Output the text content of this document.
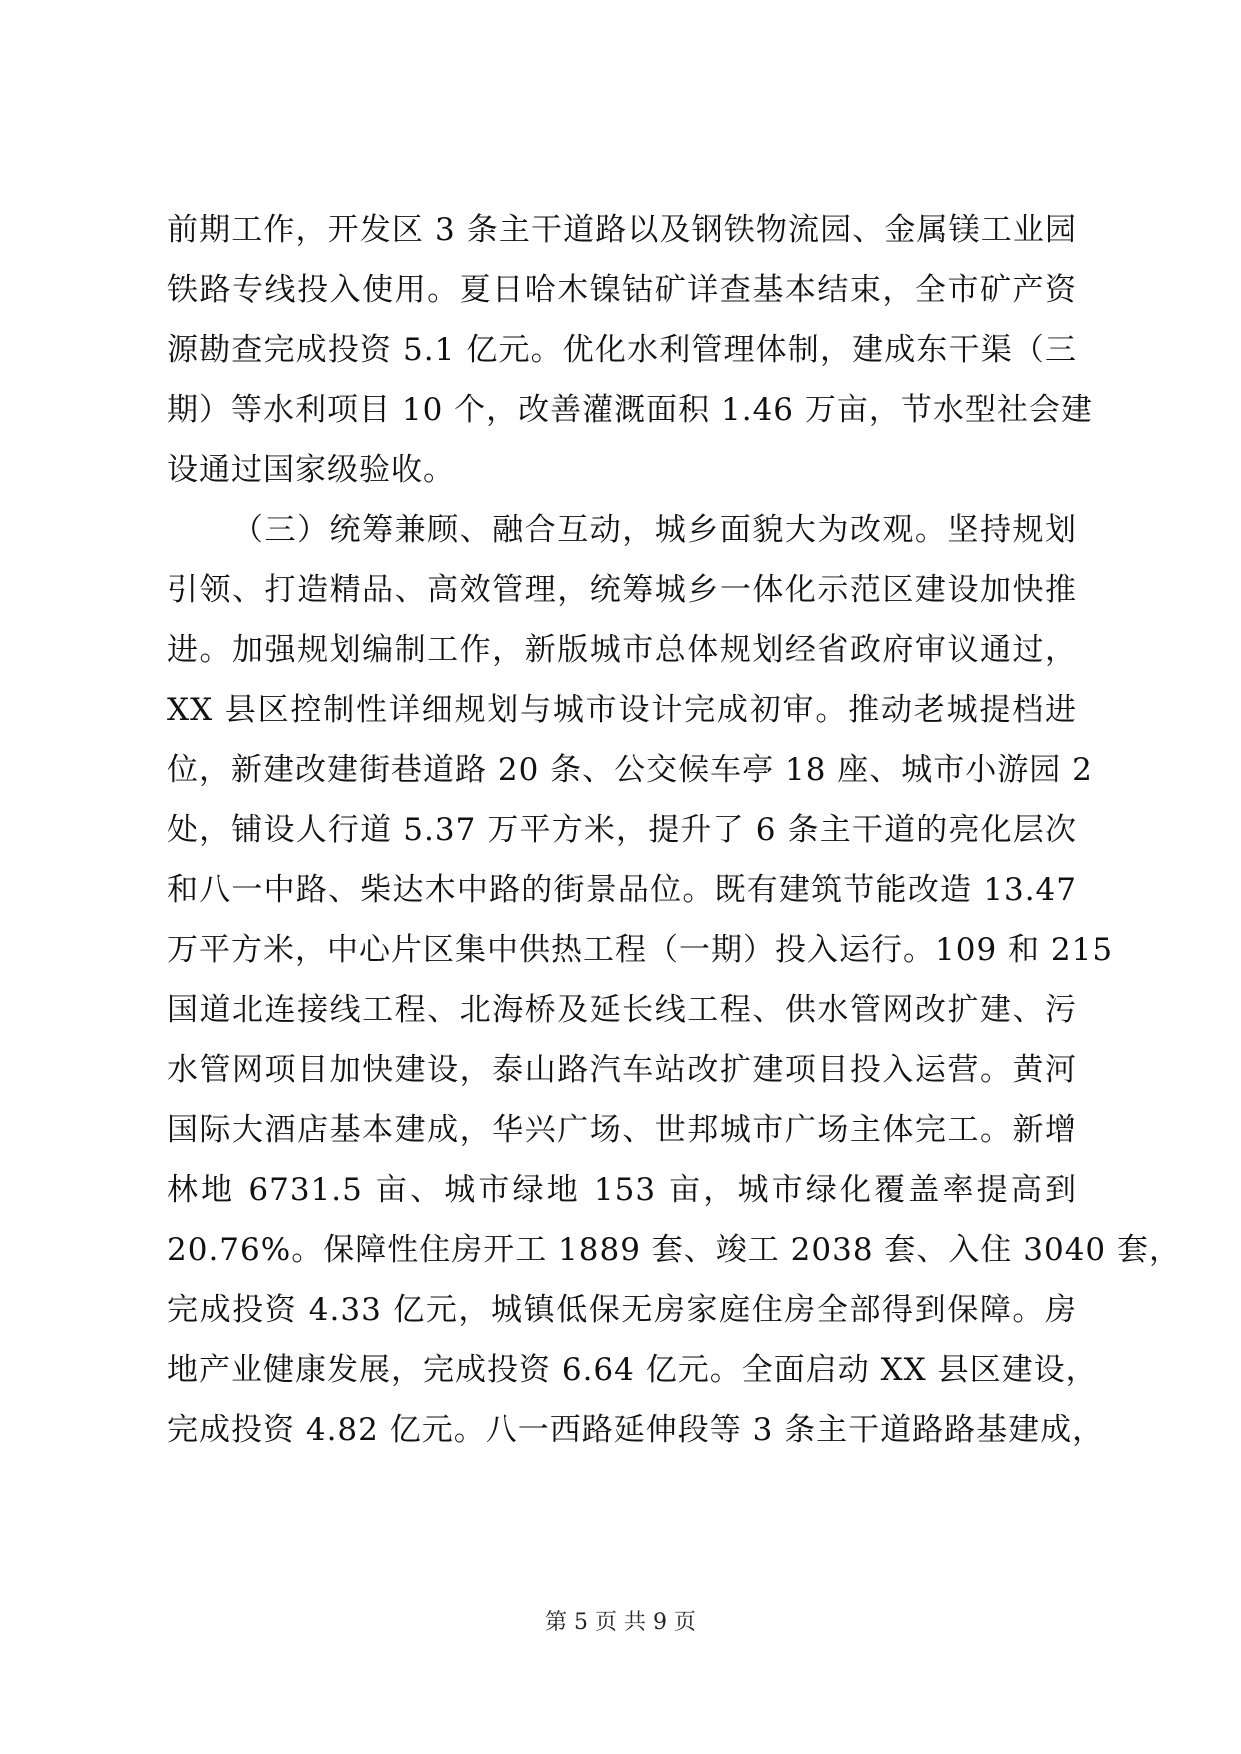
前期工作，开发区 3 条主干道路以及钢铁物流园、金属镁工业园
铁路专线投入使用。夏日哈木镍钴矿详查基本结束，全市矿产资
源勘查完成投资 5.1 亿元。优化水利管理体制，建成东干渠（三
期）等水利项目 10 个，改善灌溉面积 1.46 万亩，节水型社会建
设通过国家级验收。
（三）统筹兼顾、融合互动，城乡面貌大为改观。坚持规划
引领、打造精品、高效管理，统筹城乡一体化示范区建设加快推
进。加强规划编制工作，新版城市总体规划经省政府审议通过，
XX 县区控制性详细规划与城市设计完成初审。推动老城提档进
位，新建改建街巷道路 20 条、公交候车亭 18 座、城市小游园 2
处，铺设人行道 5.37 万平方米，提升了 6 条主干道的亮化层次
和八一中路、柴达木中路的街景品位。既有建筑节能改造 13.47
万平方米，中心片区集中供热工程（一期）投入运行。109 和 215
国道北连接线工程、北海桥及延长线工程、供水管网改扩建、污
水管网项目加快建设，泰山路汽车站改扩建项目投入运营。黄河
国际大酒店基本建成，华兴广场、世邦城市广场主体完工。新增
林地 6731.5 亩、城市绿地 153 亩，城市绿化覆盖率提高到
20.76%。保障性住房开工 1889 套、竣工 2038 套、入住 3040 套，
完成投资 4.33 亿元，城镇低保无房家庭住房全部得到保障。房
地产业健康发展，完成投资 6.64 亿元。全面启动 XX 县区建设，
完成投资 4.82 亿元。八一西路延伸段等 3 条主干道路路基建成，
第 5 页 共 9 页
